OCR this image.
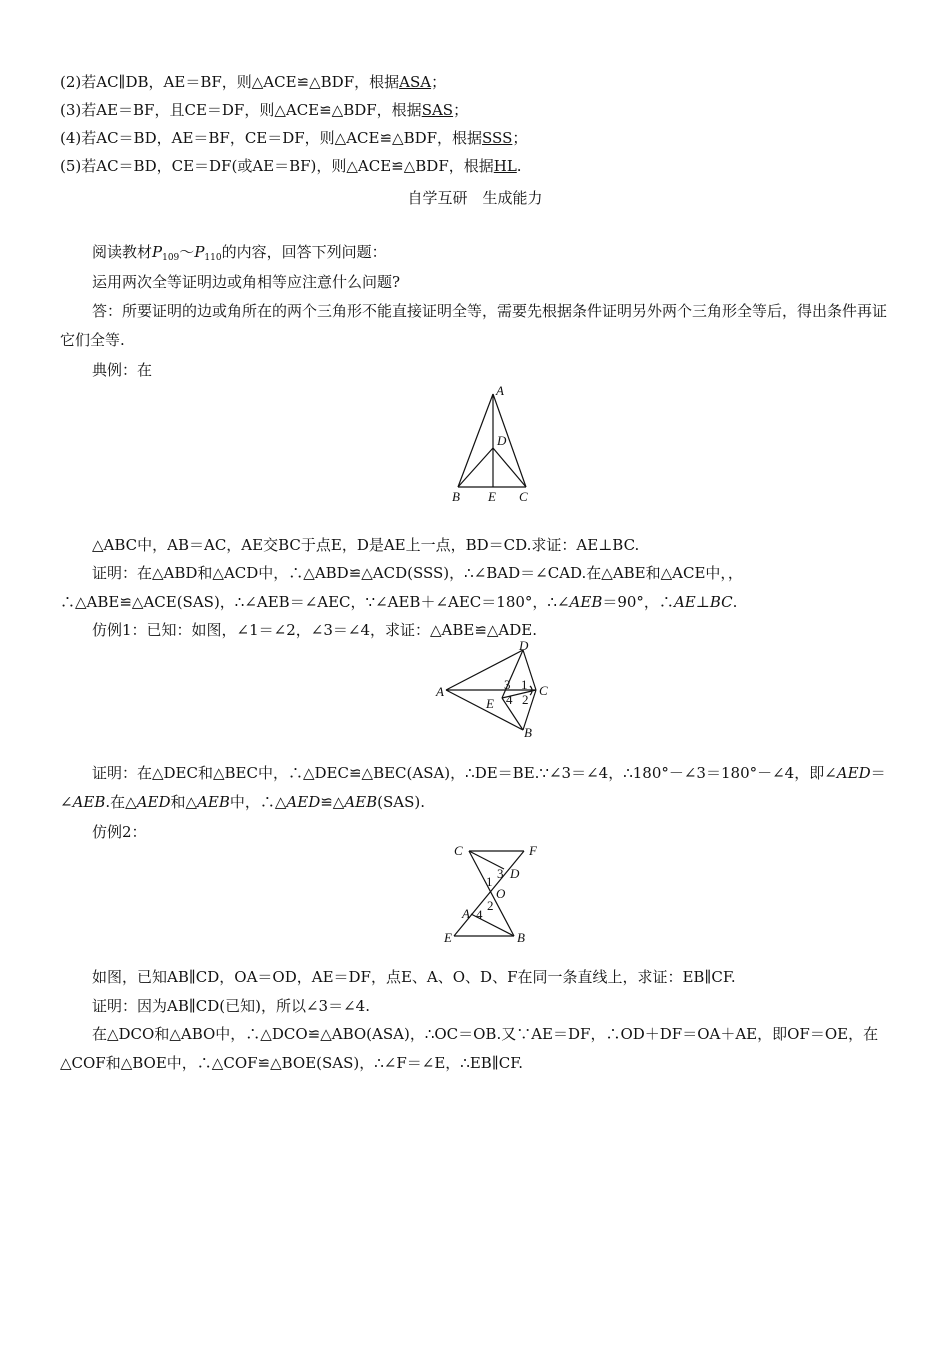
(2)若AC∥DB，AE＝BF，则△ACE≌△BDF，根据ASA；
(3)若AE＝BF，且CE＝DF，则△ACE≌△BDF，根据SAS；
(4)若AC＝BD，AE＝BF，CE＝DF，则△ACE≌△BDF，根据SSS；
(5)若AC＝BD，CE＝DF(或AE＝BF)，则△ACE≌△BDF，根据HL.
自学互研　生成能力
阅读教材$P_{109}\sim P_{110}$的内容，回答下列问题：
运用两次全等证明边或角相等应注意什么问题?
答：所要证明的边或角所在的两个三角形不能直接证明全等，需要先根据条件证明另外两个三角形全等后，得出条件再证它们全等.
典例：在
A
B E C
D
△ABC中，AB＝AC，AE交BC于点E，D是AE上一点，BD＝CD.求证：AE⊥BC.
证明：在△ABD和△ACD中，∴△ABD≌△ACD(SSS)，∴∠BAD＝∠CAD.在△ABE和△ACE中，，∴△ABE≌△ACE(SAS)，∴∠AEB＝∠AEC，∵∠AEB＋∠AEC＝180°，∴∠AEB＝90°，∴AE⊥BC.
仿例1：已知：如图，∠1＝∠2，∠3＝∠4，求证：△ABE≌△ADE.
A
D
C
B
E
3 1
4 2
证明：在△DEC和△BEC中，∴△DEC≌△BEC(ASA)，∴DE＝BE.∵∠3＝∠4，∴180°－∠3＝180°－∠4，即∠AED＝∠AEB.在△AED和△AEB中，∴△AED≌△AEB(SAS).
仿例2：
C	F
D
O
A
E	B
1
3
2
4
如图，已知AB∥CD，OA＝OD，AE＝DF，点E、A、O、D、F在同一条直线上，求证：EB∥CF.
证明：因为AB∥CD(已知)，所以∠3＝∠4.
在△DCO和△ABO中，∴△DCO≌△ABO(ASA)，∴OC＝OB.又∵AE＝DF，∴OD＋DF＝OA＋AE，即OF＝OE，在△COF和△BOE中，∴△COF≌△BOE(SAS)，∴∠F＝∠E，∴EB∥CF.
